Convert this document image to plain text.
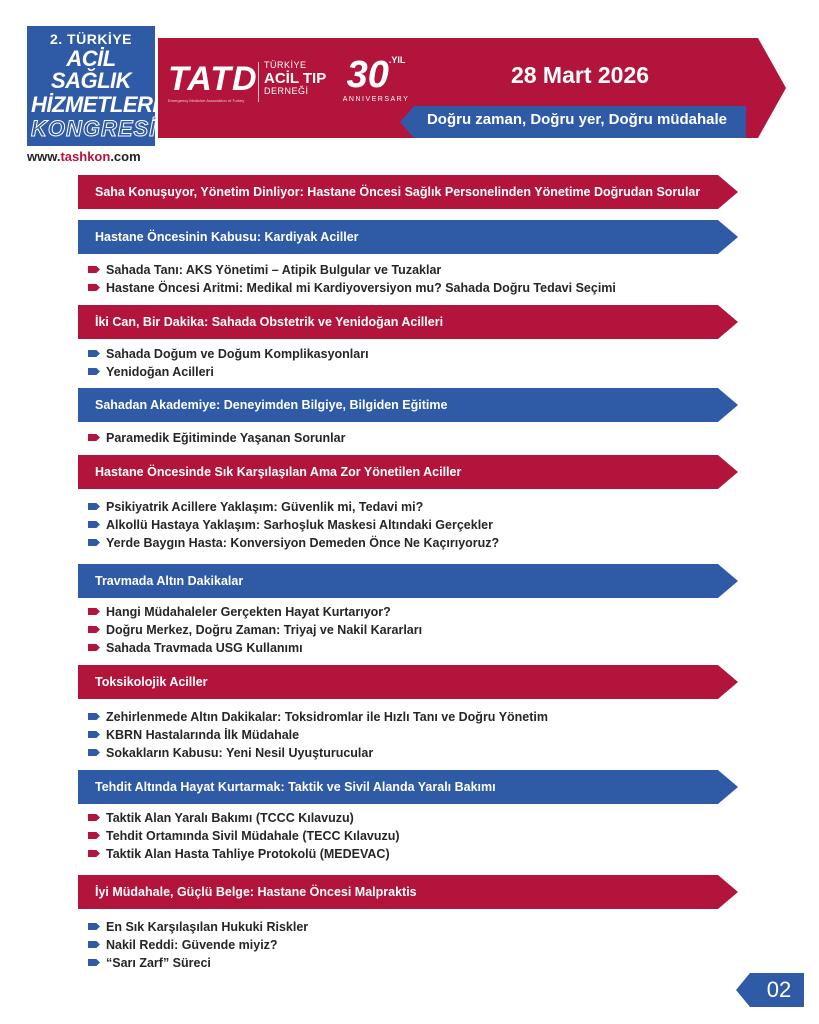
2. TÜRKİYE
ACİL SAĞLIK
HİZMETLERİ
KONGRESİ
www.tashkon.com
TATD
Emergency Medicine Association of Turkey
TÜRKİYE
ACİL TIP
DERNEĞİ	$30^{.YIL}$
ANNIVERSARY
28 Mart 2026
Doğru zaman, Doğru yer, Doğru müdahale
Saha Konuşuyor, Yönetim Dinliyor: Hastane Öncesi Sağlık Personelinden Yönetime Doğrudan Sorular
Hastane Öncesinin Kabusu: Kardiyak Aciller
Sahada Tanı: AKS Yönetimi – Atipik Bulgular ve Tuzaklar
Hastane Öncesi Aritmi: Medikal mi Kardiyoversiyon mu? Sahada Doğru Tedavi Seçimi
İki Can, Bir Dakika: Sahada Obstetrik ve Yenidoğan Acilleri
Sahada Doğum ve Doğum Komplikasyonları
Yenidoğan Acilleri
Sahadan Akademiye: Deneyimden Bilgiye, Bilgiden Eğitime
Paramedik Eğitiminde Yaşanan Sorunlar
Hastane Öncesinde Sık Karşılaşılan Ama Zor Yönetilen Aciller
Psikiyatrik Acillere Yaklaşım: Güvenlik mi, Tedavi mi?
Alkollü Hastaya Yaklaşım: Sarhoşluk Maskesi Altındaki Gerçekler
Yerde Baygın Hasta: Konversiyon Demeden Önce Ne Kaçırıyoruz?
Travmada Altın Dakikalar
Hangi Müdahaleler Gerçekten Hayat Kurtarıyor?
Doğru Merkez, Doğru Zaman: Triyaj ve Nakil Kararları
Sahada Travmada USG Kullanımı
Toksikolojik Aciller
Zehirlenmede Altın Dakikalar: Toksidromlar ile Hızlı Tanı ve Doğru Yönetim
KBRN Hastalarında İlk Müdahale
Sokakların Kabusu: Yeni Nesil Uyuşturucular
Tehdit Altında Hayat Kurtarmak: Taktik ve Sivil Alanda Yaralı Bakımı
Taktik Alan Yaralı Bakımı (TCCC Kılavuzu)
Tehdit Ortamında Sivil Müdahale (TECC Kılavuzu)
Taktik Alan Hasta Tahliye Protokolü (MEDEVAC)
İyi Müdahale, Güçlü Belge: Hastane Öncesi Malpraktis
En Sık Karşılaşılan Hukuki Riskler
Nakil Reddi: Güvende miyiz?
“Sarı Zarf” Süreci
02
